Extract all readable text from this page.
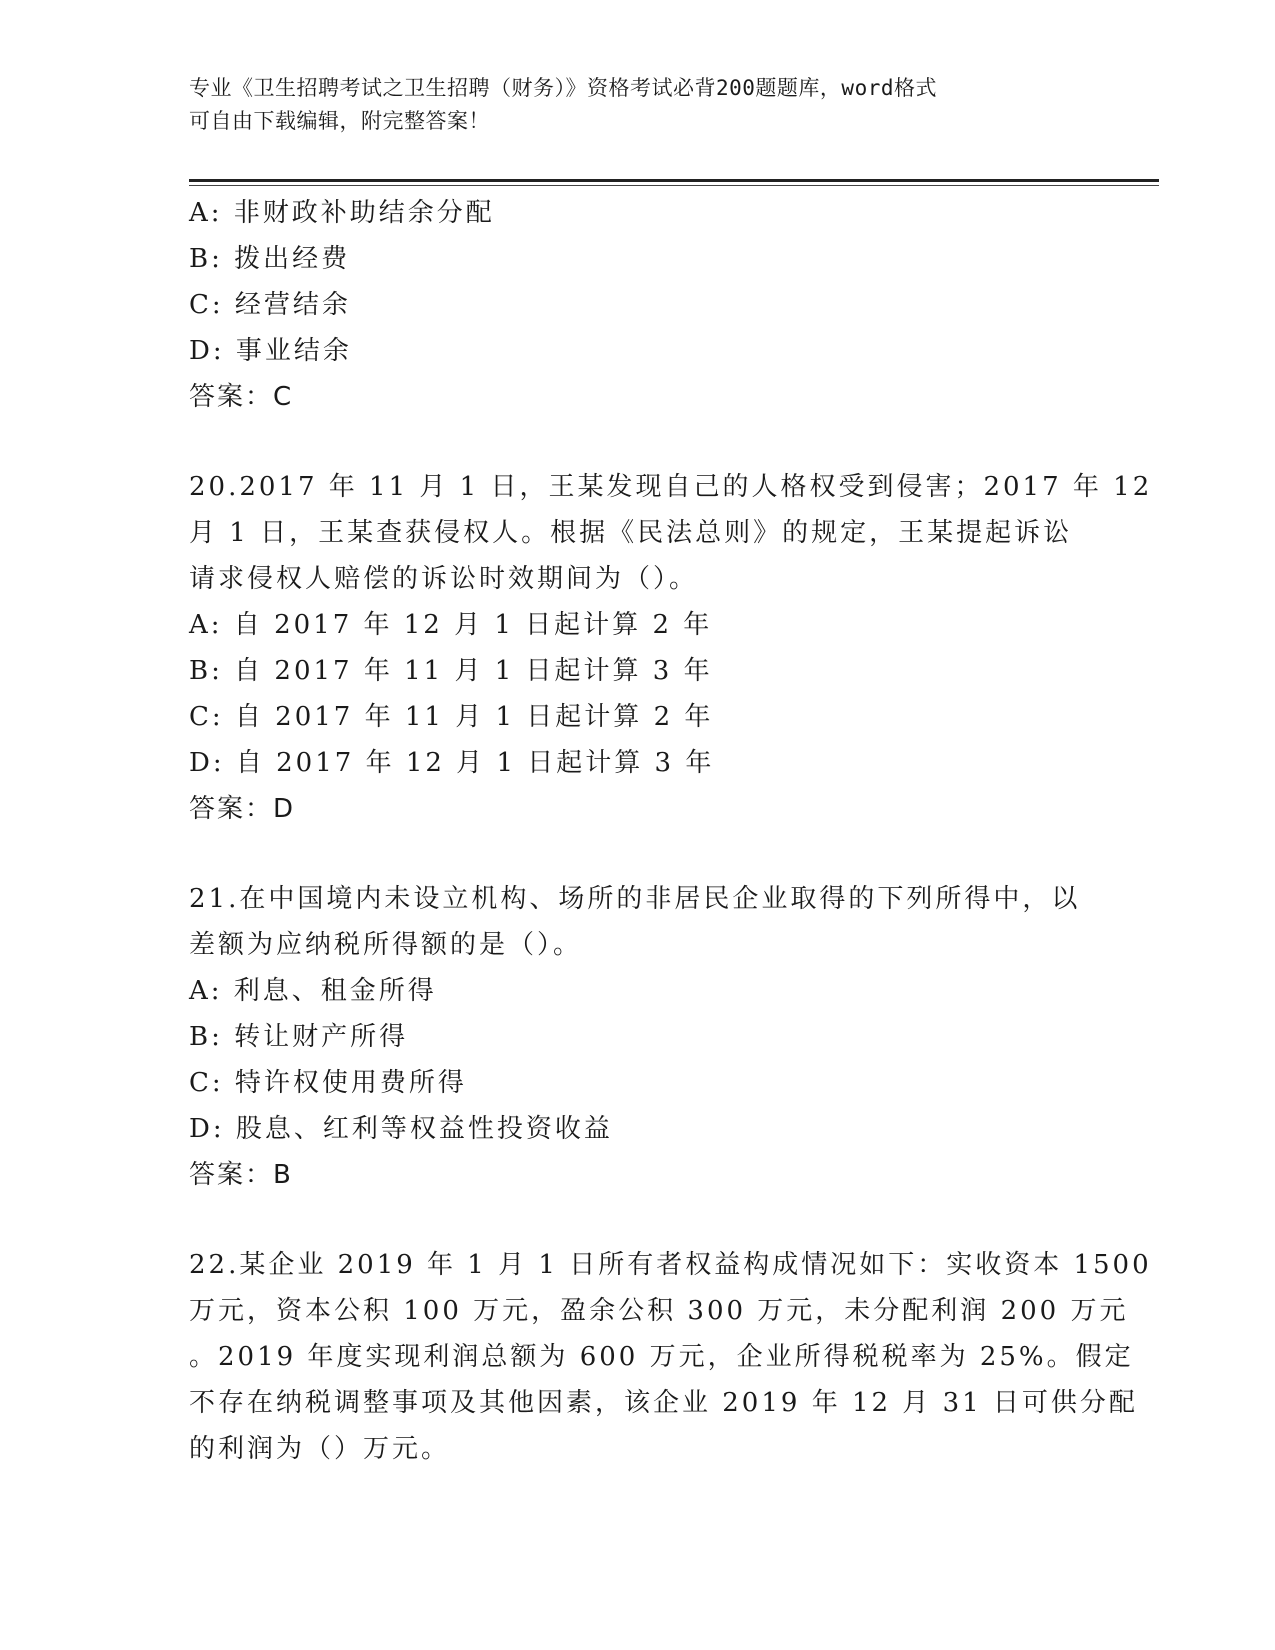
专业《卫生招聘考试之卫生招聘（财务）》资格考试必背200题题库，word格式
可自由下载编辑，附完整答案！
A: 非财政补助结余分配
B: 拨出经费
C: 经营结余
D: 事业结余
答案：C
20.2017 年 11 月 1 日，王某发现自己的人格权受到侵害；2017 年 12
月 1 日，王某查获侵权人。根据《民法总则》的规定，王某提起诉讼
请求侵权人赔偿的诉讼时效期间为（）。
A: 自 2017 年 12 月 1 日起计算 2 年
B: 自 2017 年 11 月 1 日起计算 3 年
C: 自 2017 年 11 月 1 日起计算 2 年
D: 自 2017 年 12 月 1 日起计算 3 年
答案：D
21.在中国境内未设立机构、场所的非居民企业取得的下列所得中，以
差额为应纳税所得额的是（）。
A: 利息、租金所得
B: 转让财产所得
C: 特许权使用费所得
D: 股息、红利等权益性投资收益
答案：B
22.某企业 2019 年 1 月 1 日所有者权益构成情况如下：实收资本 1500
万元，资本公积 100 万元，盈余公积 300 万元，未分配利润 200 万元
。2019 年度实现利润总额为 600 万元，企业所得税税率为 25%。假定
不存在纳税调整事项及其他因素，该企业 2019 年 12 月 31 日可供分配
的利润为（）万元。
